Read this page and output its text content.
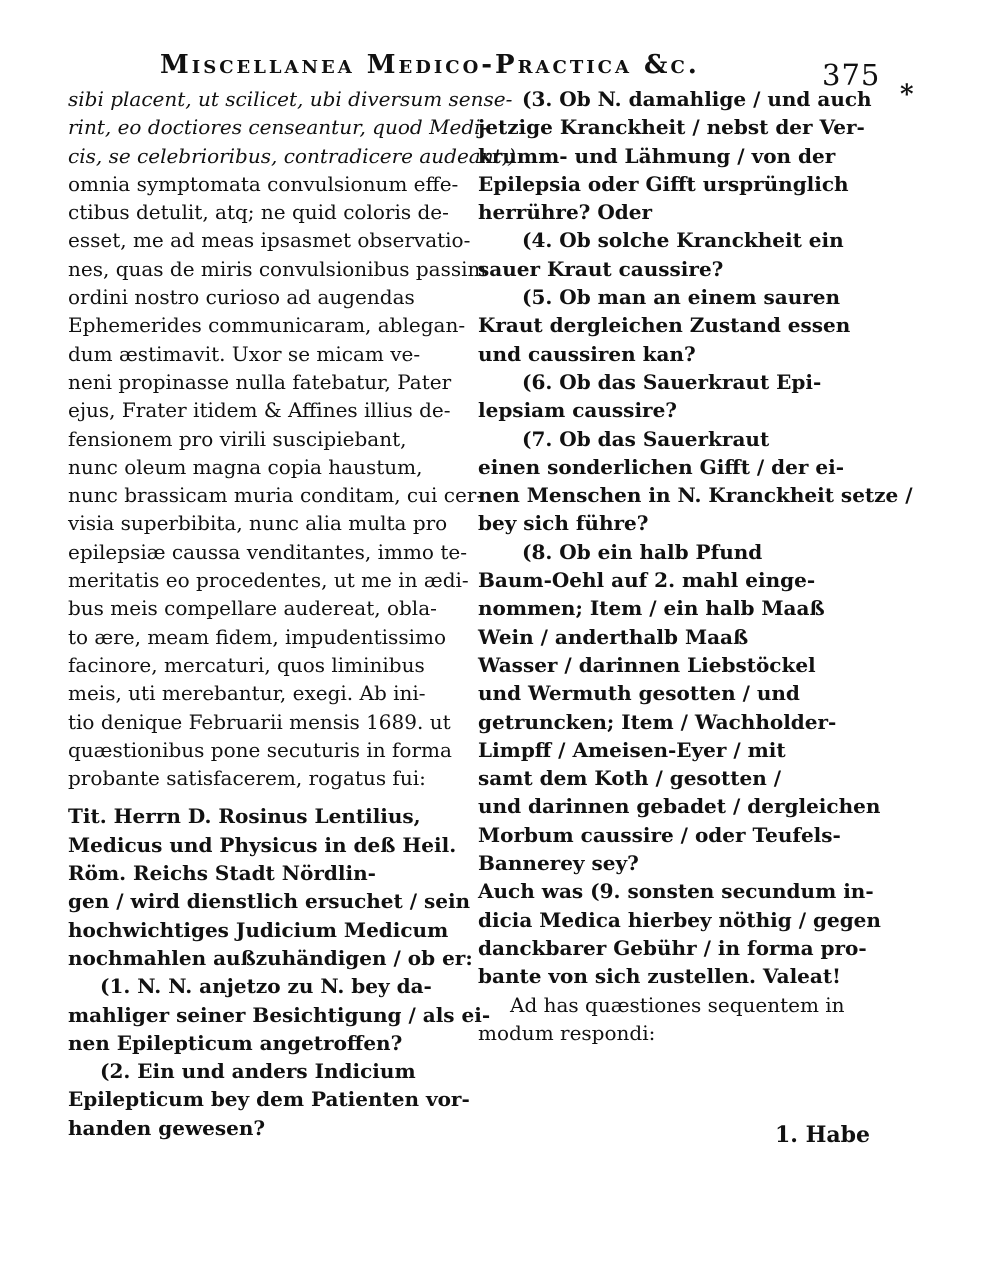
Miscellanea Medico-Practica &c.	375
*
sibi placent, ut scilicet, ubi diversum sense-
rint, eo doctiores censeantur, quod Medi-
cis, se celebrioribus, contradicere audeant,)
omnia symptomata convulsionum effe-
ctibus detulit, atq; ne quid coloris de-
esset, me ad meas ipsasmet observatio-
nes, quas de miris convulsionibus passim
ordini nostro curioso ad augendas
Ephemerides communicaram, ablegan-
dum æstimavit. Uxor se micam ve-
neni propinasse nulla fatebatur, Pater
ejus, Frater itidem & Affines illius de-
fensionem pro virili suscipiebant,
nunc oleum magna copia haustum,
nunc brassicam muria conditam, cui cer-
visia superbibita, nunc alia multa pro
epilepsiæ caussa venditantes, immo te-
meritatis eo procedentes, ut me in ædi-
bus meis compellare audereat, obla-
to ære, meam fidem, impudentissimo
facinore, mercaturi, quos liminibus
meis, uti merebantur, exegi. Ab ini-
tio denique Februarii mensis 1689. ut
quæstionibus pone secuturis in forma
probante satisfacerem, rogatus fui:
Tit. Herrn D. Rosinus Lentilius,
Medicus und Physicus in deß Heil.
Röm. Reichs Stadt Nördlin-
gen / wird dienstlich ersuchet / sein
hochwichtiges Judicium Medicum
nochmahlen außzuhändigen / ob er:
(1. N. N. anjetzo zu N. bey da-
mahliger seiner Besichtigung / als ei-
nen Epilepticum angetroffen?
(2. Ein und anders Indicium
Epilepticum bey dem Patienten vor-
handen gewesen?
(3. Ob N. damahlige / und auch
jetzige Kranckheit / nebst der Ver-
krumm- und Lähmung / von der
Epilepsia oder Gifft ursprünglich
herrühre? Oder
(4. Ob solche Kranckheit ein
sauer Kraut caussire?
(5. Ob man an einem sauren
Kraut dergleichen Zustand essen
und caussiren kan?
(6. Ob das Sauerkraut Epi-
lepsiam caussire?
(7. Ob das Sauerkraut
einen sonderlichen Gifft / der ei-
nen Menschen in N. Kranckheit setze /
bey sich führe?
(8. Ob ein halb Pfund
Baum-Oehl auf 2. mahl einge-
nommen; Item / ein halb Maaß
Wein / anderthalb Maaß
Wasser / darinnen Liebstöckel
und Wermuth gesotten / und
getruncken; Item / Wachholder-
Limpff / Ameisen-Eyer / mit
samt dem Koth / gesotten /
und darinnen gebadet / dergleichen
Morbum caussire / oder Teufels-
Bannerey sey?
Auch was (9. sonsten secundum in-
dicia Medica hierbey nöthig / gegen
danckbarer Gebühr / in forma pro-
bante von sich zustellen. Valeat!
Ad has quæstiones sequentem in
modum respondi:
1. Habe
